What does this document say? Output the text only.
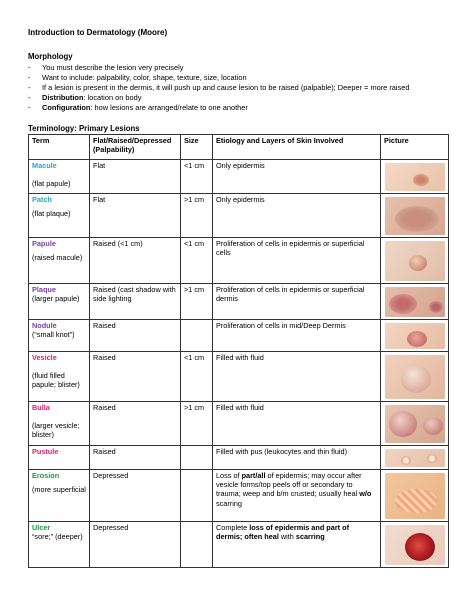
Introduction to Dermatology (Moore)
Morphology
- You must describe the lesion very precisely
- Want to include: palpability, color, shape, texture, size, location
- If a lesion is present in the dermis, it will push up and cause lesion to be raised (palpable); Deeper = more raised
- Distribution: location on body
- Configuration: how lesions are arranged/relate to one another
Terminology: Primary Lesions
Term	Flat/Raised/Depressed (Palpability)	Size	Etiology and Layers of Skin Involved	Picture

Macule
(flat papule)	Flat	<1 cm	Only epidermis	

Patch
(flat plaque)	Flat	>1 cm	Only epidermis	

Papule
(raised macule)	Raised (<1 cm)	<1 cm	Proliferation of cells in epidermis or superficial cells	

Plaque
(larger papule)	Raised (cast shadow with side lighting	>1 cm	Proliferation of cells in epidermis or superficial dermis	

Nodule
(“small knot”)	Raised		Proliferation of cells in mid/Deep Dermis	

Vesicle
(fluid filled papule; blister)	Raised	<1 cm	Filled with fluid	

Bulla
(larger vesicle; blister)	Raised	>1 cm	Filled with fluid	

Pustule	Raised		Filled with pus (leukocytes and thin fluid)	

Erosion
(more superficial	Depressed		Loss of part/all of epidermis; may occur after vesicle forms/top peels off or secondary to trauma; weep and b/m crusted; usually heal w/o scarring	

Ulcer
“sore;” (deeper)	Depressed		Complete loss of epidermis and part of dermis; often heal with scarring	
